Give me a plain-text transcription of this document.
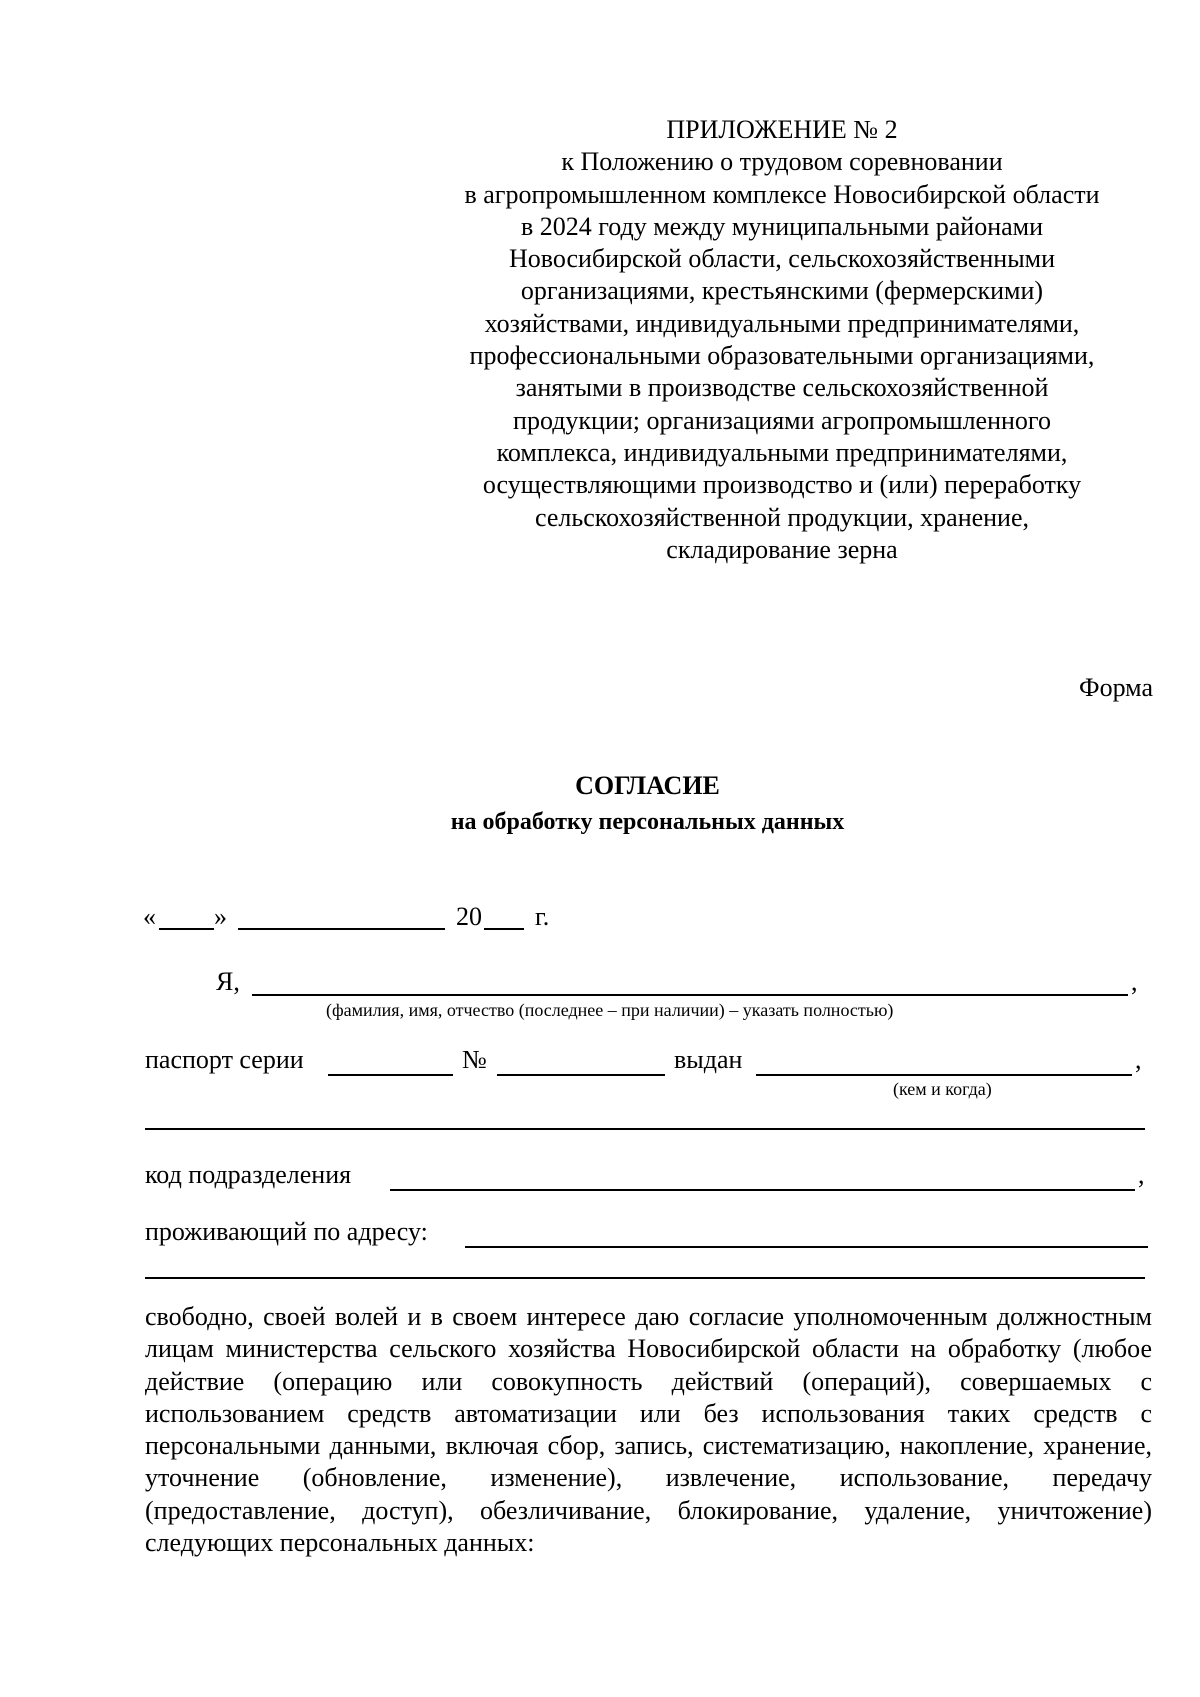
ПРИЛОЖЕНИЕ № 2
к Положению о трудовом соревновании
в агропромышленном комплексе Новосибирской области
в 2024 году между муниципальными районами
Новосибирской области, сельскохозяйственными
организациями, крестьянскими (фермерскими)
хозяйствами, индивидуальными предпринимателями,
профессиональными образовательными организациями,
занятыми в производстве сельскохозяйственной
продукции; организациями агропромышленного
комплекса, индивидуальными предпринимателями,
осуществляющими производство и (или) переработку
сельскохозяйственной продукции, хранение,
складирование зерна
Форма
СОГЛАСИЕ
на обработку персональных данных
« »	20 г.
Я,	,
(фамилия, имя, отчество (последнее – при наличии) – указать полностью)
паспорт серии	№	выдан	,
(кем и когда)
код подразделения	,
проживающий по адресу:
свободно, своей волей и в своем интересе даю согласие уполномоченным должностным лицам министерства сельского хозяйства Новосибирской области на обработку (любое действие (операцию или совокупность действий (операций), совершаемых с использованием средств автоматизации или без использования таких средств с персональными данными, включая сбор, запись, систематизацию, накопление, хранение, уточнение (обновление, изменение), извлечение, использование, передачу (предоставление, доступ), обезличивание, блокирование, удаление, уничтожение) следующих персональных данных:
